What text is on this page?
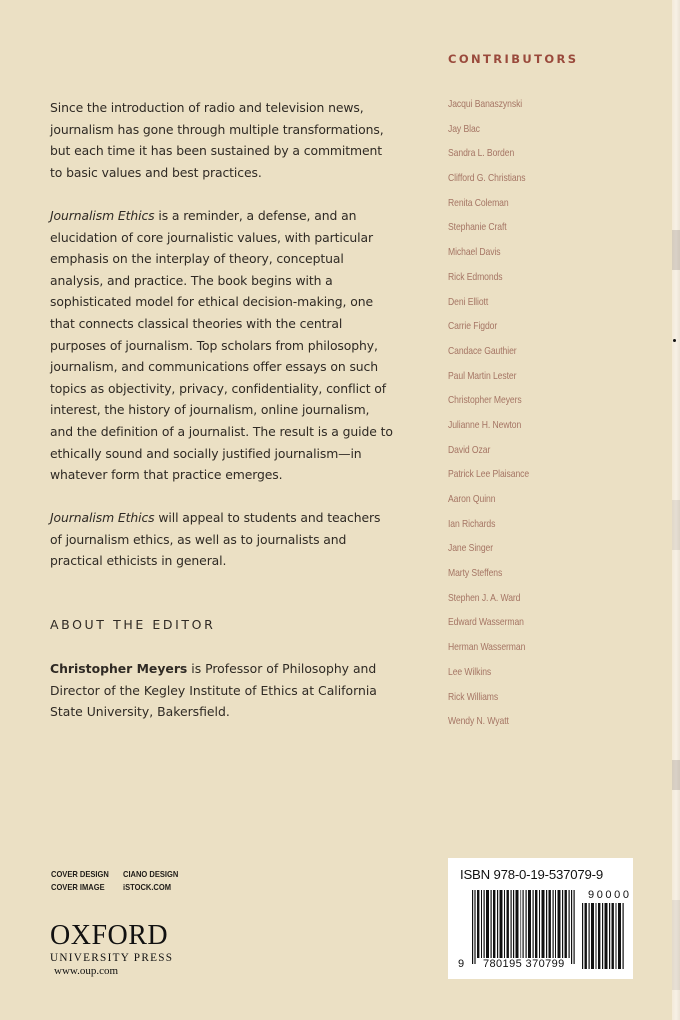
Since the introduction of radio and television news, journalism has gone through multiple transformations, but each time it has been sustained by a commitment to basic values and best practices.

Journalism Ethics is a reminder, a defense, and an elucidation of core journalistic values, with particular emphasis on the interplay of theory, conceptual analysis, and practice. The book begins with a sophisticated model for ethical decision-making, one that connects classical theories with the central purposes of journalism. Top scholars from philosophy, journalism, and communications offer essays on such topics as objectivity, privacy, confidentiality, conflict of interest, the history of journalism, online journalism, and the definition of a journalist. The result is a guide to ethically sound and socially justified journalism—in whatever form that practice emerges.

Journalism Ethics will appeal to students and teachers of journalism ethics, as well as to journalists and practical ethicists in general.

ABOUT THE EDITOR
Christopher Meyers is Professor of Philosophy and Director of the Kegley Institute of Ethics at California State University, Bakersfield.
CONTRIBUTORS
Jacqui Banaszynski
Jay Blac
Sandra L. Borden
Clifford G. Christians
Renita Coleman
Stephanie Craft
Michael Davis
Rick Edmonds
Deni Elliott
Carrie Figdor
Candace Gauthier
Paul Martin Lester
Christopher Meyers
Julianne H. Newton
David Ozar
Patrick Lee Plaisance
Aaron Quinn
Ian Richards
Jane Singer
Marty Steffens
Stephen J. A. Ward
Edward Wasserman
Herman Wasserman
Lee Wilkins
Rick Williams
Wendy N. Wyatt
COVER DESIGN	CIANO DESIGN
COVER IMAGE	iSTOCK.COM
OXFORD
UNIVERSITY PRESS
www.oup.com
ISBN 978-0-19-537079-9
90000
9 780195 370799
